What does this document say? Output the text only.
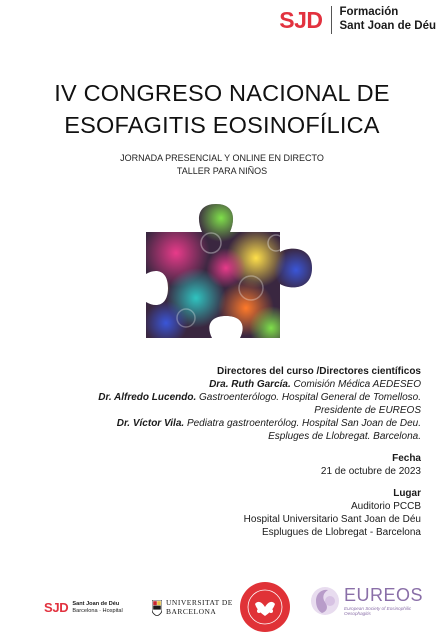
SJD Formación
Sant Joan de Déu
IV CONGRESO NACIONAL DE
ESOFAGITIS EOSINOFÍLICA
JORNADA PRESENCIAL Y ONLINE EN DIRECTO
TALLER PARA NIÑOS
Directores del curso /Directores científicos
Dra. Ruth García. Comisión Médica AEDESEO
Dr. Alfredo Lucendo. Gastroenterólogo. Hospital General de Tomelloso.
Presidente de EUREOS
Dr. Víctor Vila. Pediatra gastroenterólog. Hospital San Joan de Deu.
Espluges de Llobregat. Barcelona.
Fecha
21 de octubre de 2023
Lugar
Auditorio PCCB
Hospital Universitario Sant Joan de Déu
Esplugues de Llobregat - Barcelona
SJD Sant Joan de Déu
Barcelona · Hospital
UNIVERSITAT DE
BARCELONA
EUREOS
European Society of Eosinophilic
Oesophagitis
